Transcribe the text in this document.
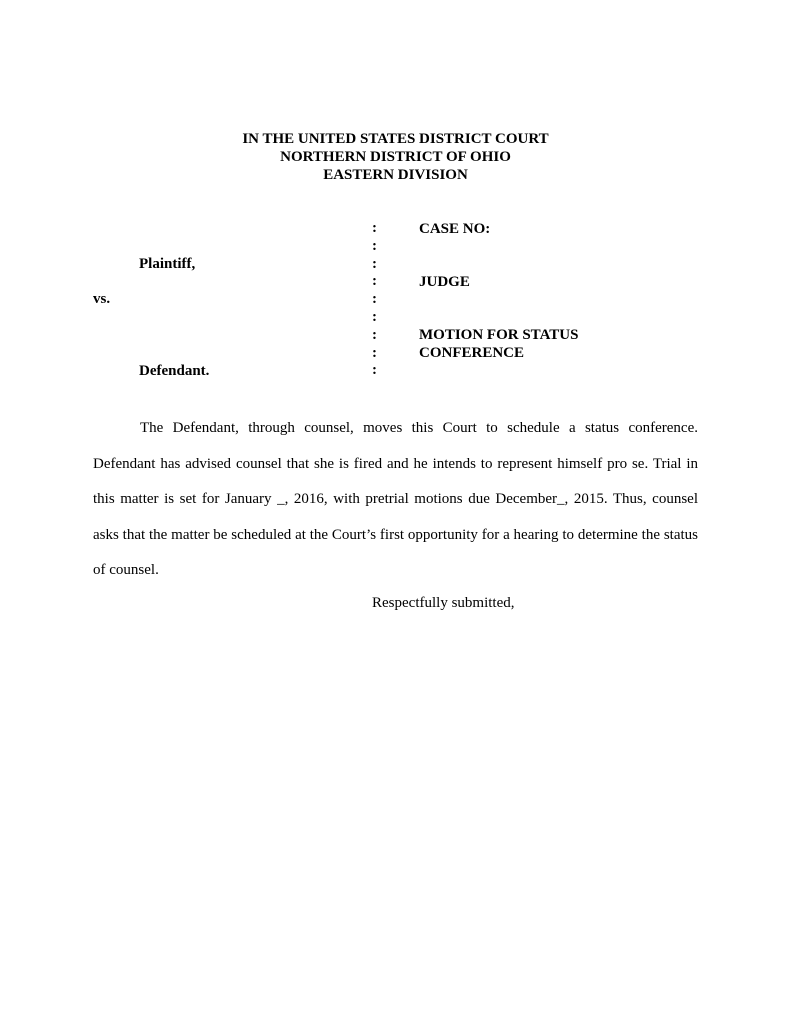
IN THE UNITED STATES DISTRICT COURT
NORTHERN DISTRICT OF OHIO
EASTERN DIVISION
:
:
:
:
:
:
:
:
:
Plaintiff,
vs.
Defendant.
CASE NO:
JUDGE
MOTION FOR STATUS
CONFERENCE

The Defendant, through counsel, moves this Court to schedule a status conference. Defendant has advised counsel that she is fired and he intends to represent himself pro se. Trial in this matter is set for January _, 2016, with pretrial motions due December_, 2015. Thus, counsel asks that the matter be scheduled at the Court’s first opportunity for a hearing to determine the status of counsel.

Respectfully submitted,
